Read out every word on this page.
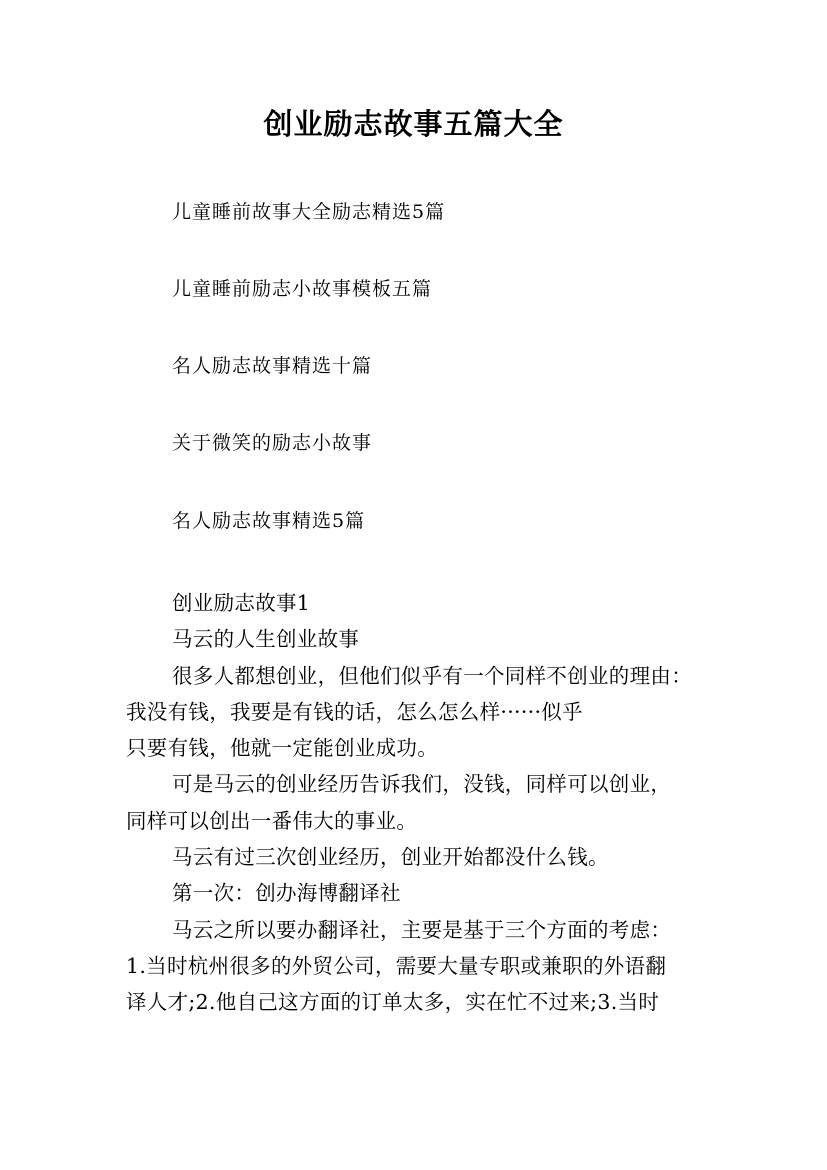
创业励志故事五篇大全
儿童睡前故事大全励志精选5篇
儿童睡前励志小故事模板五篇
名人励志故事精选十篇
关于微笑的励志小故事
名人励志故事精选5篇
创业励志故事1
马云的人生创业故事
很多人都想创业，但他们似乎有一个同样不创业的理由：
我没有钱，我要是有钱的话，怎么怎么样······似乎
只要有钱，他就一定能创业成功。
可是马云的创业经历告诉我们，没钱，同样可以创业，
同样可以创出一番伟大的事业。
马云有过三次创业经历，创业开始都没什么钱。
第一次：创办海博翻译社
马云之所以要办翻译社，主要是基于三个方面的考虑：
1.当时杭州很多的外贸公司，需要大量专职或兼职的外语翻
译人才;2.他自己这方面的订单太多，实在忙不过来;3.当时
